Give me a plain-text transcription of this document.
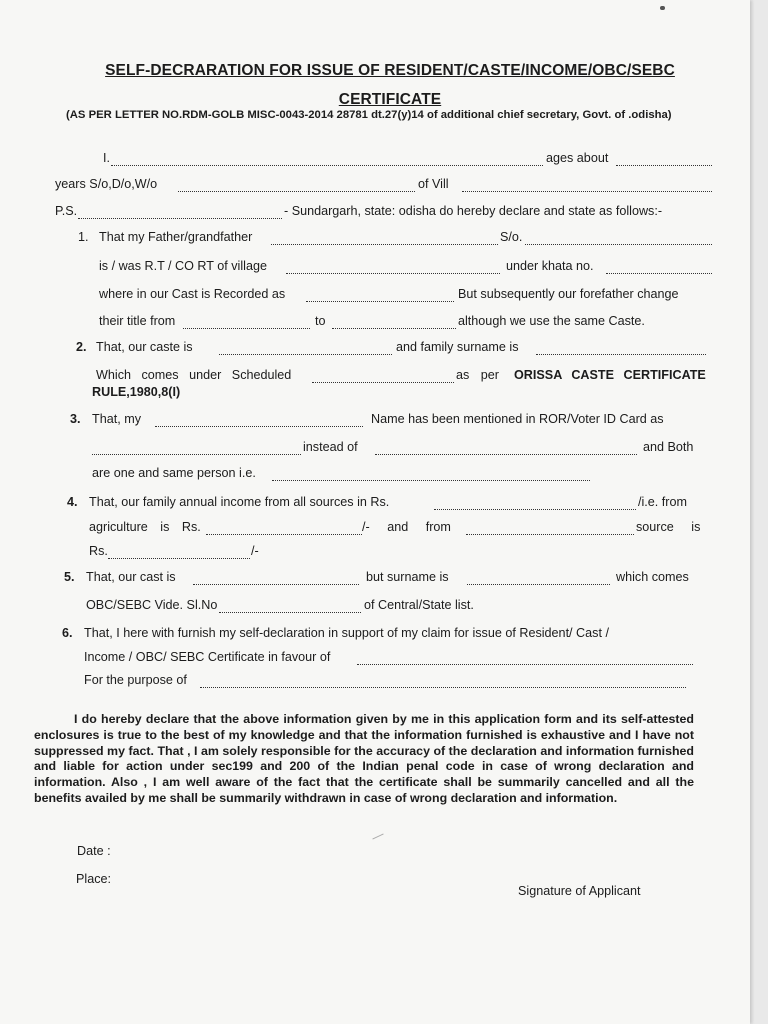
SELF-DECRARATION FOR ISSUE OF RESIDENT/CASTE/INCOME/OBC/SEBC
CERTIFICATE

(AS PER LETTER NO.RDM-GOLB MISC-0043-2014 28781 dt.27(y)14 of additional chief secretary, Govt. of .odisha)

I.	ages about
years S/o,D/o,W/o	of Vill
P.S.	- Sundargarh, state: odisha do hereby declare and state as follows:-
1. That my Father/grandfather	S/o.
is / was R.T / CO RT of village	under khata no.
where in our Cast is Recorded as	But subsequently our forefather change
their title from	to	although we use the same Caste.
2. That, our caste is	and family surname is
Which comes under Scheduled	as per ORISSA CASTE CERTIFICATE
RULE,1980,8(I)
3. That, my	Name has been mentioned in ROR/Voter ID Card as
instead of	and Both
are one and same person i.e.
4. That, our family annual income from all sources in Rs.	/i.e. from
agriculture is Rs.	/- and from	source is
Rs.	/-
5. That, our cast is	but surname is	which comes
OBC/SEBC Vide. Sl.No	of Central/State list.
6. That, I here with furnish my self-declaration in support of my claim for issue of Resident/ Cast /
Income / OBC/ SEBC Certificate in favour of
For the purpose of

I do hereby declare that the above information given by me in this application form and its self-attested enclosures is true to the best of my knowledge and that the information furnished is exhaustive and I have not suppressed my fact. That , I am solely responsible for the accuracy of the declaration and information furnished and liable for action under sec199 and 200 of the Indian penal code in case of wrong declaration and information. Also , I am well aware of the fact that the certificate shall be summarily cancelled and all the benefits availed by me shall be summarily withdrawn in case of wrong declaration and information.

Date :

Place:

Signature of Applicant
